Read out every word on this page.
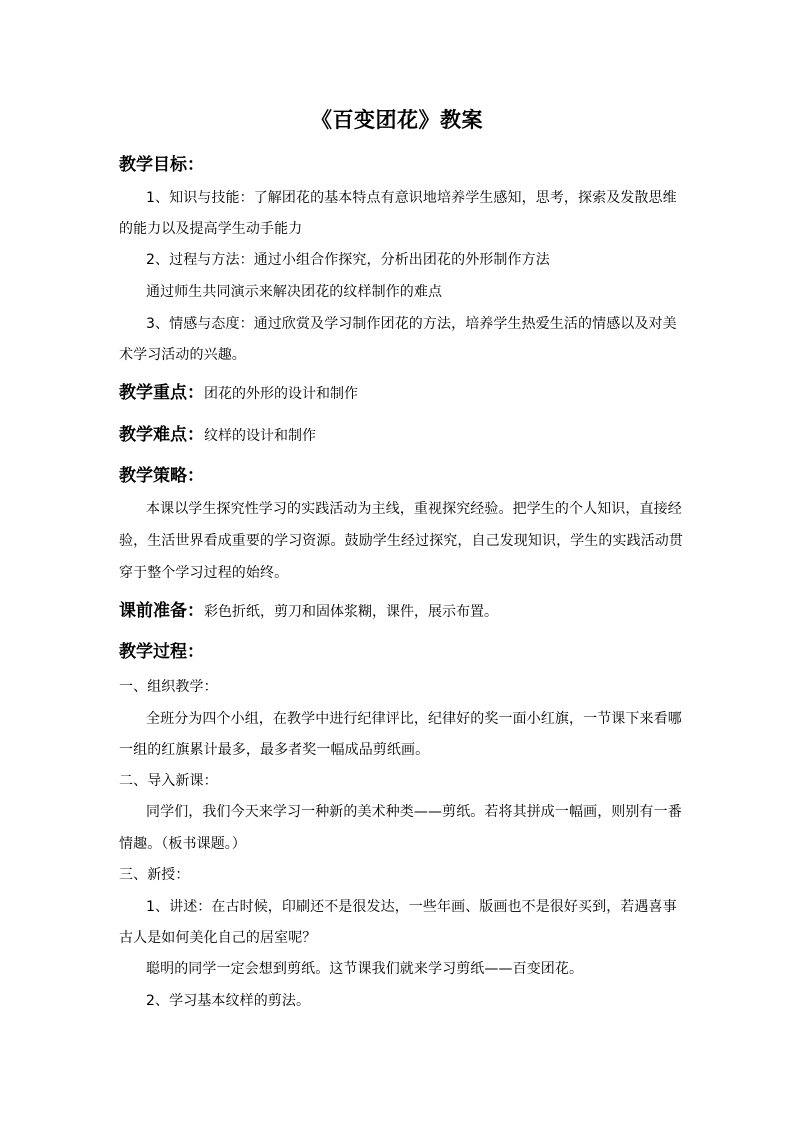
《百变团花》教案
教学目标：
1、知识与技能：了解团花的基本特点有意识地培养学生感知，思考，探索及发散思维
的能力以及提高学生动手能力
2、过程与方法：通过小组合作探究，分析出团花的外形制作方法
通过师生共同演示来解决团花的纹样制作的难点
3、情感与态度：通过欣赏及学习制作团花的方法，培养学生热爱生活的情感以及对美
术学习活动的兴趣。
教学重点：团花的外形的设计和制作
教学难点：纹样的设计和制作
教学策略：
本课以学生探究性学习的实践活动为主线，重视探究经验。把学生的个人知识，直接经
验，生活世界看成重要的学习资源。鼓励学生经过探究，自己发现知识，学生的实践活动贯
穿于整个学习过程的始终。
课前准备：彩色折纸，剪刀和固体浆糊，课件，展示布置。
教学过程：
一、组织教学：
全班分为四个小组，在教学中进行纪律评比，纪律好的奖一面小红旗，一节课下来看哪
一组的红旗累计最多，最多者奖一幅成品剪纸画。
二、导入新课：
同学们，我们今天来学习一种新的美术种类——剪纸。若将其拼成一幅画，则别有一番
情趣。（板书课题。）
三、新授：
1、讲述：在古时候，印刷还不是很发达，一些年画、版画也不是很好买到，若遇喜事
古人是如何美化自己的居室呢？
聪明的同学一定会想到剪纸。这节课我们就来学习剪纸——百变团花。
2、学习基本纹样的剪法。
